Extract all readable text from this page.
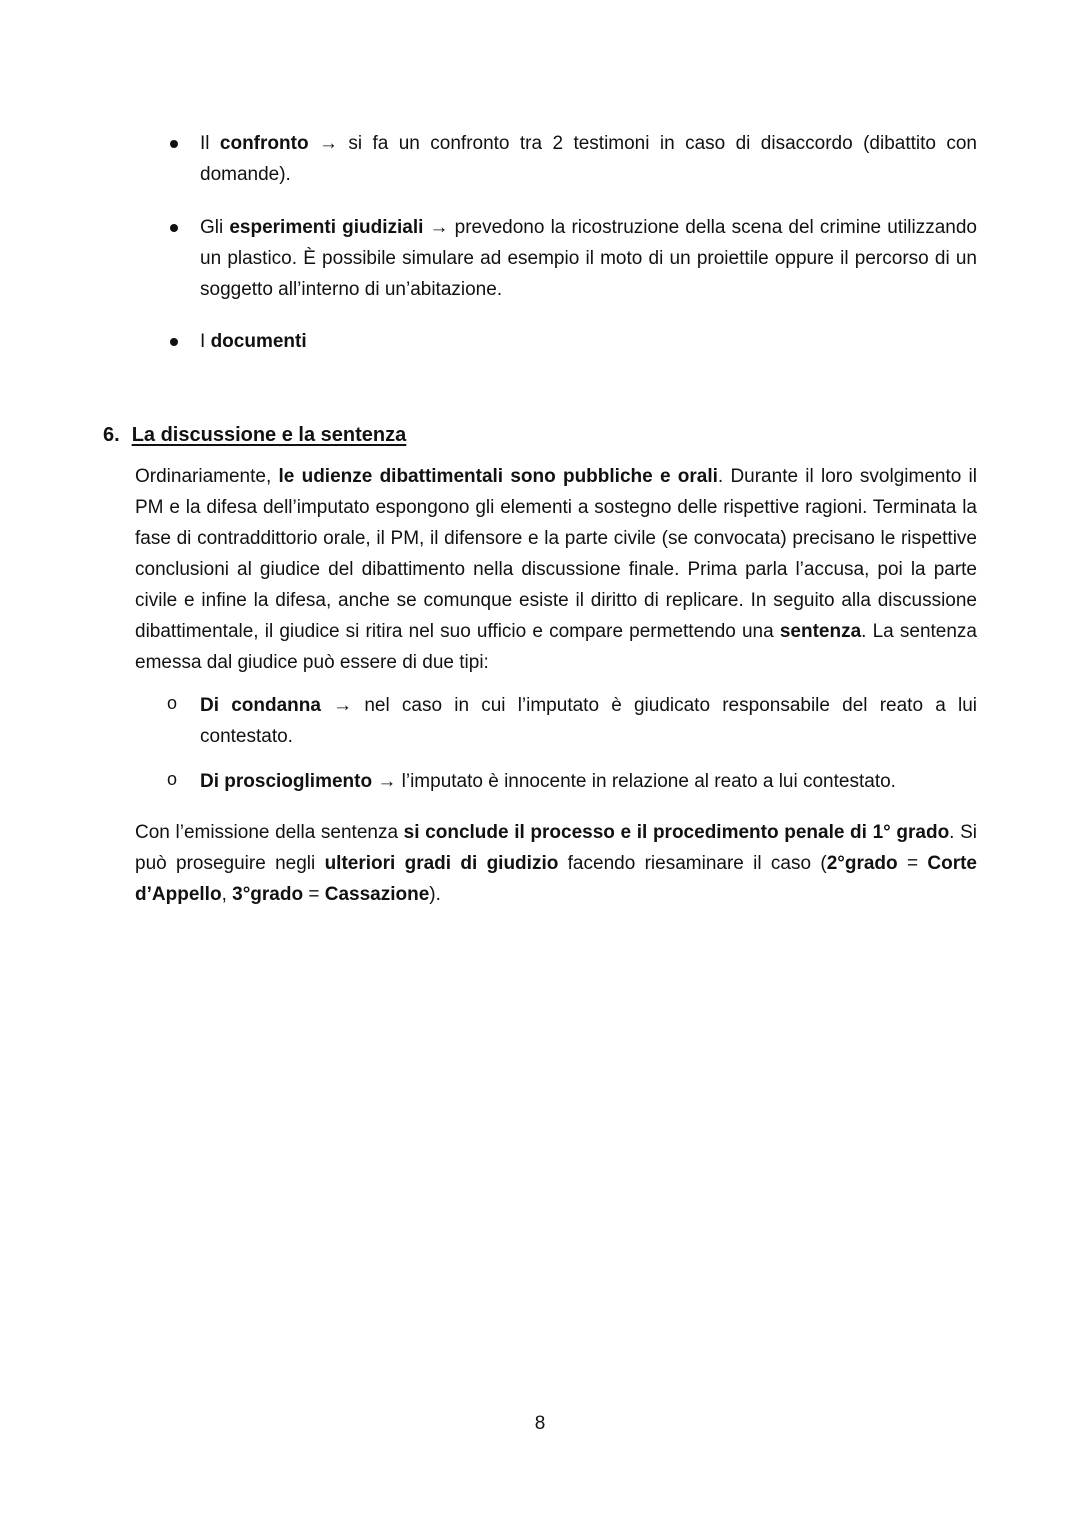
Il confronto → si fa un confronto tra 2 testimoni in caso di disaccordo (dibattito con domande).

Gli esperimenti giudiziali → prevedono la ricostruzione della scena del crimine utilizzando un plastico. È possibile simulare ad esempio il moto di un proiettile oppure il percorso di un soggetto all’interno di un’abitazione.

I documenti

6. La discussione e la sentenza

Ordinariamente, le udienze dibattimentali sono pubbliche e orali. Durante il loro svolgimento il PM e la difesa dell’imputato espongono gli elementi a sostegno delle rispettive ragioni. Terminata la fase di contraddittorio orale, il PM, il difensore e la parte civile (se convocata) precisano le rispettive conclusioni al giudice del dibattimento nella discussione finale. Prima parla l’accusa, poi la parte civile e infine la difesa, anche se comunque esiste il diritto di replicare. In seguito alla discussione dibattimentale, il giudice si ritira nel suo ufficio e compare permettendo una sentenza. La sentenza emessa dal giudice può essere di due tipi:

o Di condanna → nel caso in cui l’imputato è giudicato responsabile del reato a lui contestato.

o Di proscioglimento → l’imputato è innocente in relazione al reato a lui contestato.

Con l’emissione della sentenza si conclude il processo e il procedimento penale di 1° grado. Si può proseguire negli ulteriori gradi di giudizio facendo riesaminare il caso (2°grado = Corte d’Appello, 3°grado = Cassazione).

8
